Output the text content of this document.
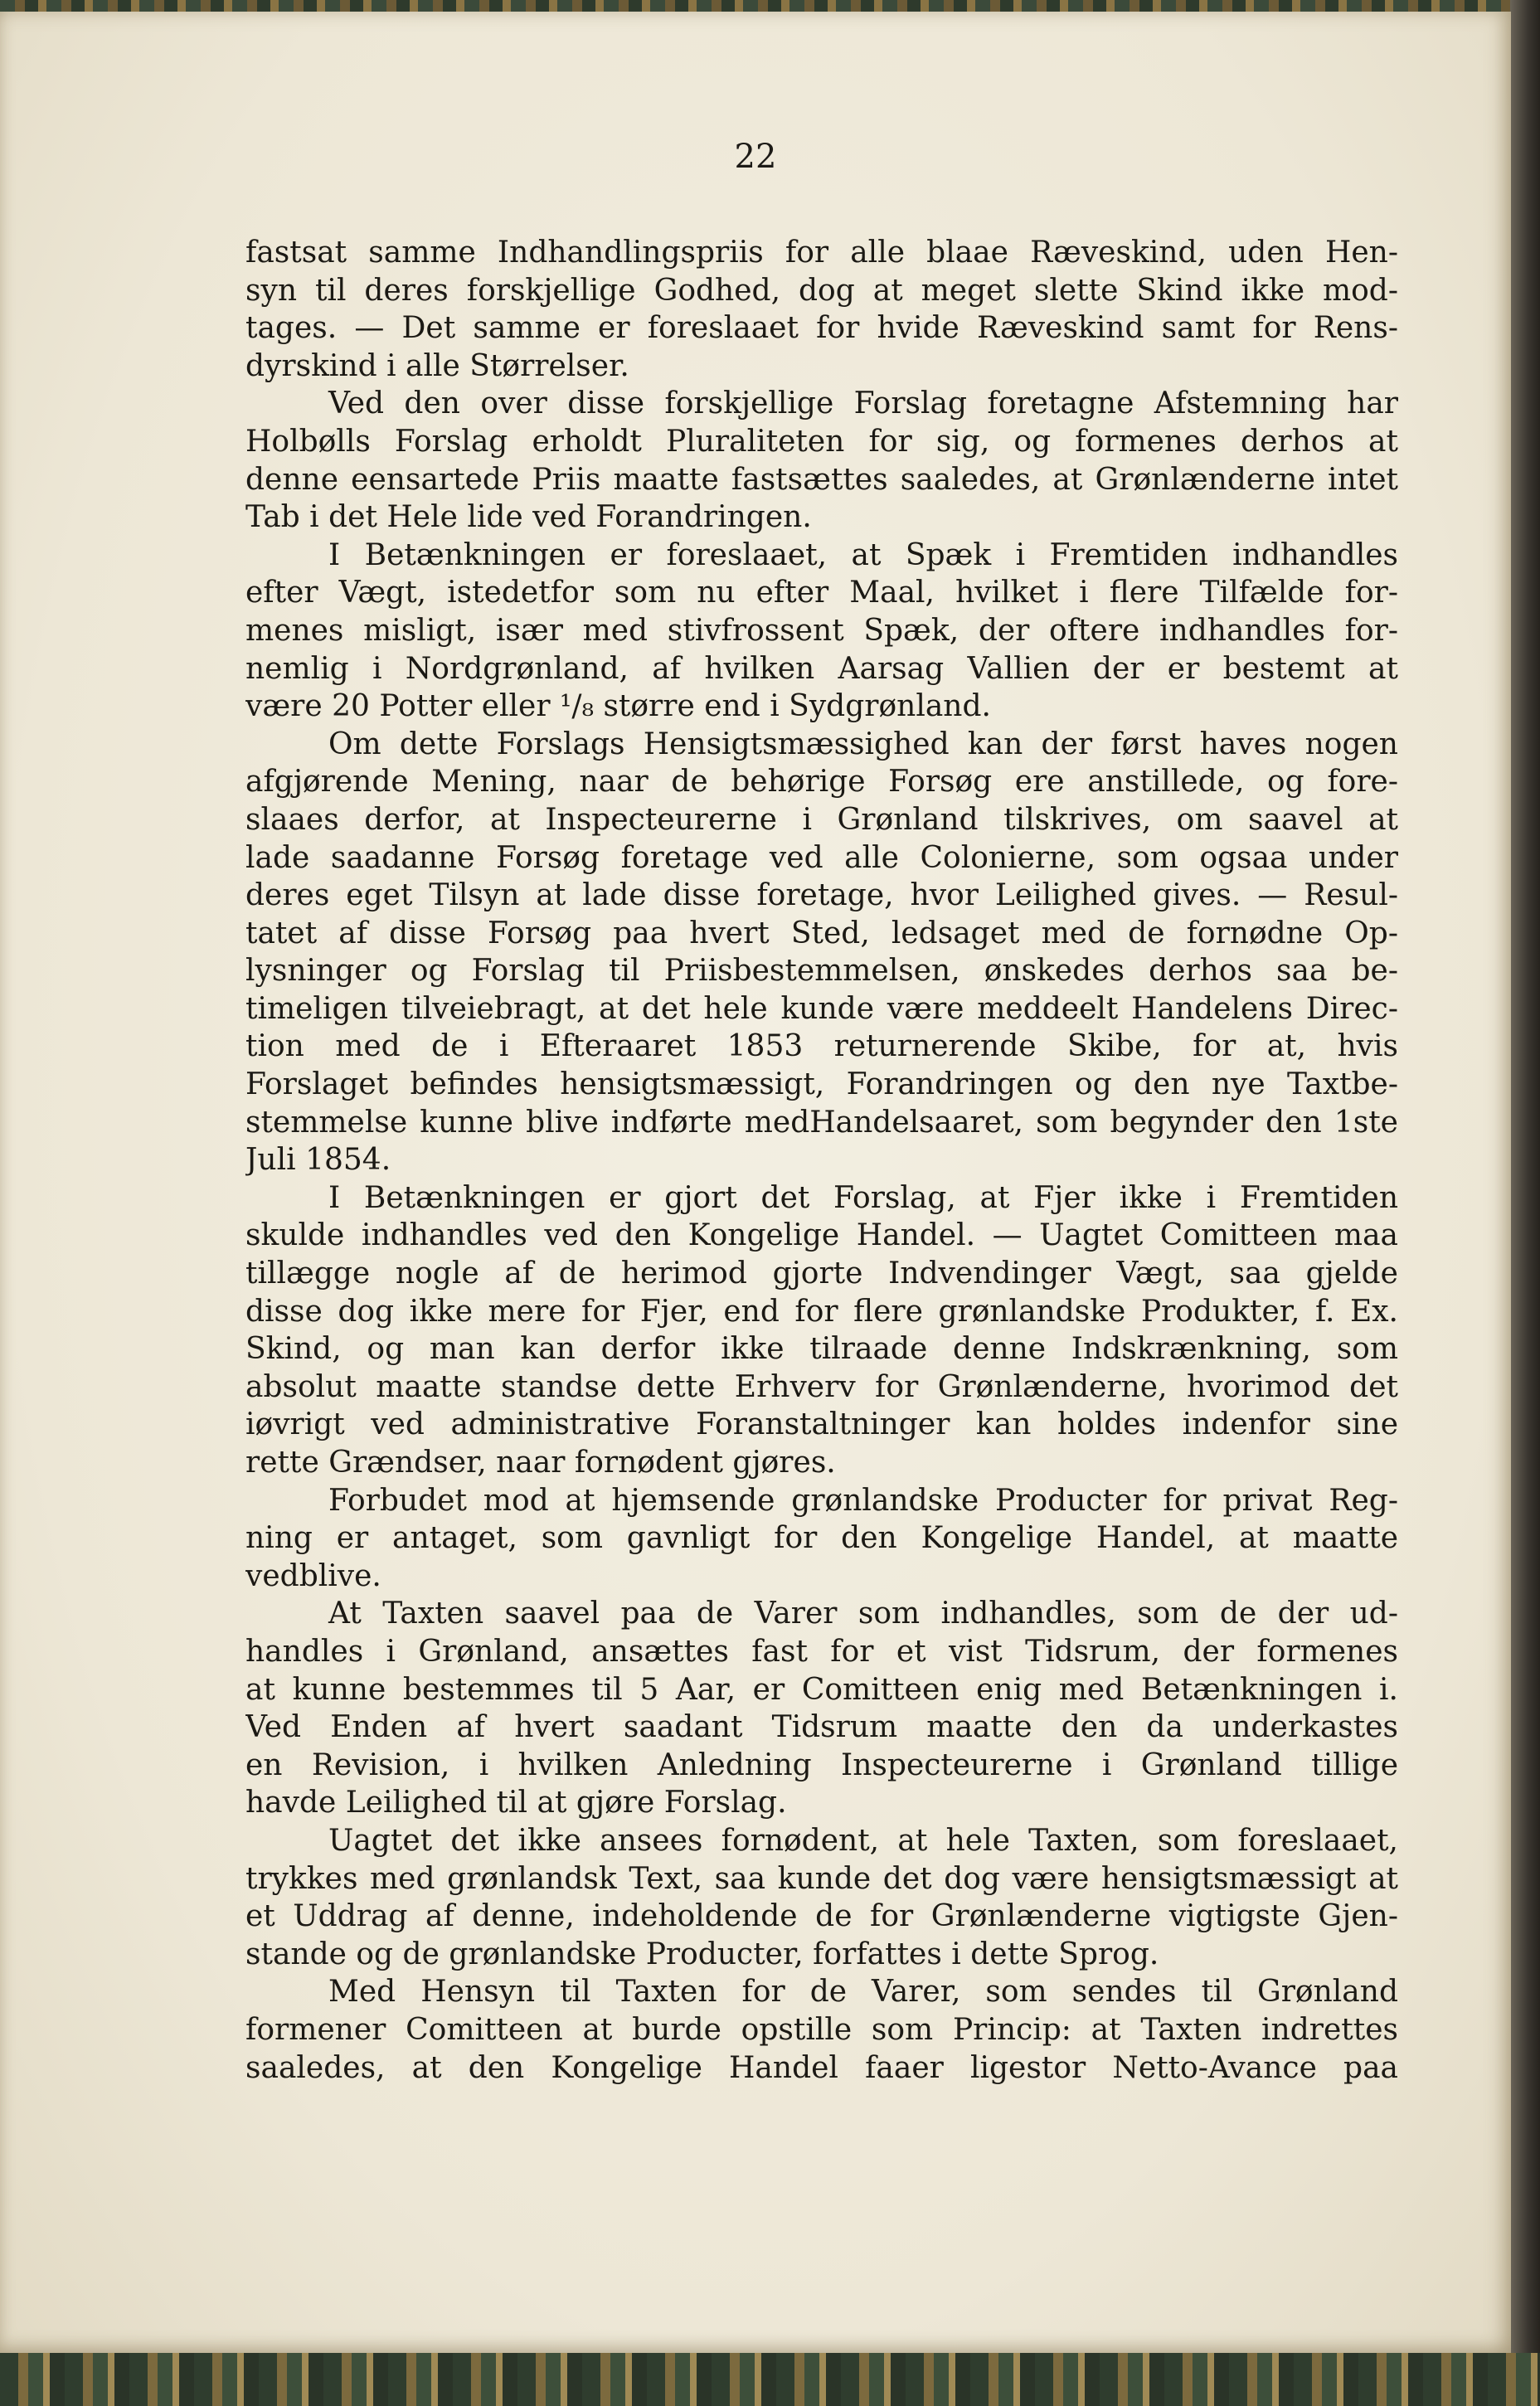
22
fastsat samme Indhandlingspriis for alle blaae Ræveskind, uden Hen-
syn til deres forskjellige Godhed, dog at meget slette Skind ikke mod-
tages. — Det samme er foreslaaet for hvide Ræveskind samt for Rens-
dyrskind i alle Størrelser.
Ved den over disse forskjellige Forslag foretagne Afstemning har
Holbølls Forslag erholdt Pluraliteten for sig, og formenes derhos at
denne eensartede Priis maatte fastsættes saaledes, at Grønlænderne intet
Tab i det Hele lide ved Forandringen.
I Betænkningen er foreslaaet, at Spæk i Fremtiden indhandles
efter Vægt, istedetfor som nu efter Maal, hvilket i flere Tilfælde for-
menes misligt, især med stivfrossent Spæk, der oftere indhandles for-
nemlig i Nordgrønland, af hvilken Aarsag Vallien der er bestemt at
være 20 Potter eller ¹/₈ større end i Sydgrønland.
Om dette Forslags Hensigtsmæssighed kan der først haves nogen
afgjørende Mening, naar de behørige Forsøg ere anstillede, og fore-
slaaes derfor, at Inspecteurerne i Grønland tilskrives, om saavel at
lade saadanne Forsøg foretage ved alle Colonierne, som ogsaa under
deres eget Tilsyn at lade disse foretage, hvor Leilighed gives. — Resul-
tatet af disse Forsøg paa hvert Sted, ledsaget med de fornødne Op-
lysninger og Forslag til Priisbestemmelsen, ønskedes derhos saa be-
timeligen tilveiebragt, at det hele kunde være meddeelt Handelens Direc-
tion med de i Efteraaret 1853 returnerende Skibe, for at, hvis
Forslaget befindes hensigtsmæssigt, Forandringen og den nye Taxtbe-
stemmelse kunne blive indførte medHandelsaaret, som begynder den 1ste
Juli 1854.
I Betænkningen er gjort det Forslag, at Fjer ikke i Fremtiden
skulde indhandles ved den Kongelige Handel. — Uagtet Comitteen maa
tillægge nogle af de herimod gjorte Indvendinger Vægt, saa gjelde
disse dog ikke mere for Fjer, end for flere grønlandske Produkter, f. Ex.
Skind, og man kan derfor ikke tilraade denne Indskrænkning, som
absolut maatte standse dette Erhverv for Grønlænderne, hvorimod det
iøvrigt ved administrative Foranstaltninger kan holdes indenfor sine
rette Grændser, naar fornødent gjøres.
Forbudet mod at hjemsende grønlandske Producter for privat Reg-
ning er antaget, som gavnligt for den Kongelige Handel, at maatte
vedblive.
At Taxten saavel paa de Varer som indhandles, som de der ud-
handles i Grønland, ansættes fast for et vist Tidsrum, der formenes
at kunne bestemmes til 5 Aar, er Comitteen enig med Betænkningen i.
Ved Enden af hvert saadant Tidsrum maatte den da underkastes
en Revision, i hvilken Anledning Inspecteurerne i Grønland tillige
havde Leilighed til at gjøre Forslag.
Uagtet det ikke ansees fornødent, at hele Taxten, som foreslaaet,
trykkes med grønlandsk Text, saa kunde det dog være hensigtsmæssigt at
et Uddrag af denne, indeholdende de for Grønlænderne vigtigste Gjen-
stande og de grønlandske Producter, forfattes i dette Sprog.
Med Hensyn til Taxten for de Varer, som sendes til Grønland
formener Comitteen at burde opstille som Princip: at Taxten indrettes
saaledes, at den Kongelige Handel faaer ligestor Netto-Avance paa
